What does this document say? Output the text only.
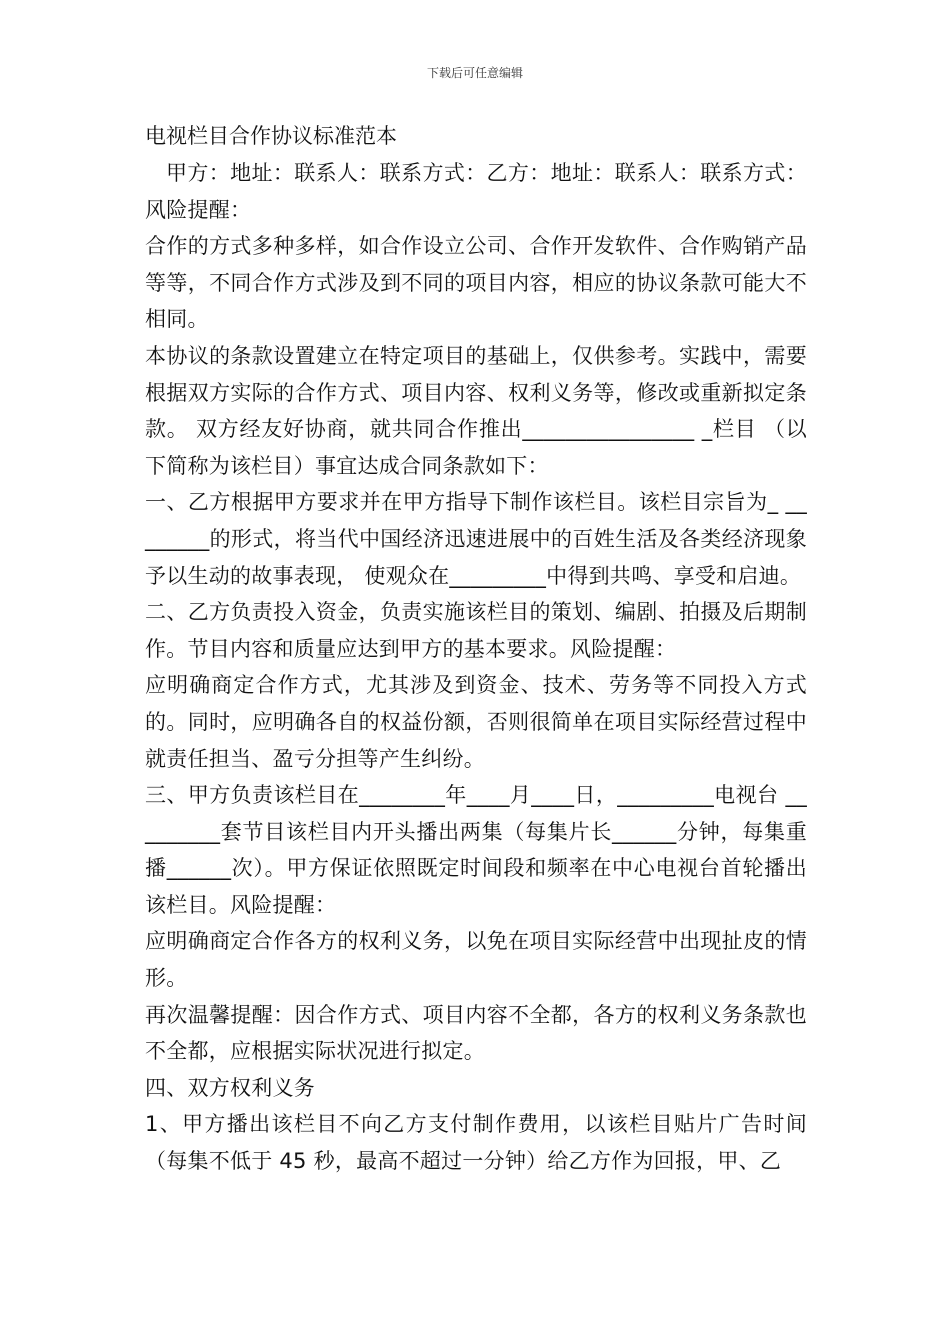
下载后可任意编辑
电视栏目合作协议标准范本

甲方：地址：联系人：联系方式：乙方：地址：联系人：联系方式：风险提醒：

合作的方式多种多样，如合作设立公司、合作开发软件、合作购销产品等等，不同合作方式涉及到不同的项目内容，相应的协议条款可能大不相同。

本协议的条款设置建立在特定项目的基础上，仅供参考。实践中，需要根据双方实际的合作方式、项目内容、权利义务等，修改或重新拟定条款。 双方经友好协商，就共同合作推出________________ _栏目 （以下简称为该栏目）事宜达成合同条款如下：

一、乙方根据甲方要求并在甲方指导下制作该栏目。该栏目宗旨为_ ________的形式，将当代中国经济迅速进展中的百姓生活及各类经济现象予以生动的故事表现， 使观众在_________中得到共鸣、享受和启迪。

二、乙方负责投入资金，负责实施该栏目的策划、编剧、拍摄及后期制作。节目内容和质量应达到甲方的基本要求。风险提醒：

应明确商定合作方式，尤其涉及到资金、技术、劳务等不同投入方式的。同时，应明确各自的权益份额，否则很简单在项目实际经营过程中就责任担当、盈亏分担等产生纠纷。

三、甲方负责该栏目在________年____月____日，_________电视台 _________套节目该栏目内开头播出两集（每集片长______分钟，每集重播______次）。甲方保证依照既定时间段和频率在中心电视台首轮播出该栏目。风险提醒：

应明确商定合作各方的权利义务，以免在项目实际经营中出现扯皮的情形。

再次温馨提醒：因合作方式、项目内容不全都，各方的权利义务条款也不全都，应根据实际状况进行拟定。

四、双方权利义务

1、甲方播出该栏目不向乙方支付制作费用，以该栏目贴片广告时间（每集不低于 45 秒，最高不超过一分钟）给乙方作为回报，甲、乙
